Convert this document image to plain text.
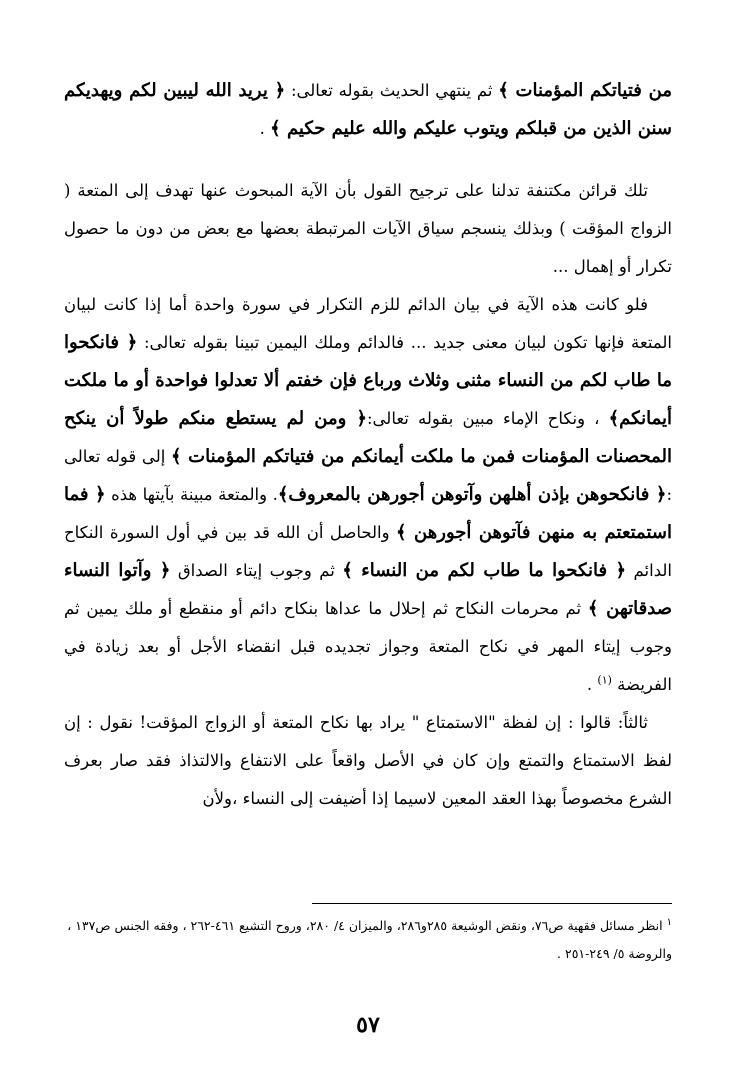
من فتياتكم المؤمنات ﴾ ثم ينتهي الحديث بقوله تعالى: ﴿ يريد الله ليبين لكم ويهديكم سنن الذين من قبلكم ويتوب عليكم والله عليم حكيم ﴾ .

تلك قرائن مكتنفة تدلنا على ترجيح القول بأن الآية المبحوث عنها تهدف إلى المتعة ( الزواج المؤقت ) وبذلك ينسجم سياق الآيات المرتبطة بعضها مع بعض من دون ما حصول تكرار أو إهمال ...

فلو كانت هذه الآية في بيان الدائم للزم التكرار في سورة واحدة أما إذا كانت لبيان المتعة فإنها تكون لبيان معنى جديد ... فالدائم وملك اليمين تبينا بقوله تعالى: ﴿ فانكحوا ما طاب لكم من النساء مثنى وثلاث ورباع فإن خفتم ألا تعدلوا فواحدة أو ما ملكت أيمانكم﴾ ، ونكاح الإماء مبين بقوله تعالى:﴿ ومن لم يستطع منكم طولاً أن ينكح المحصنات المؤمنات فمن ما ملكت أيمانكم من فتياتكم المؤمنات ﴾ إلى قوله تعالى :﴿ فانكحوهن بإذن أهلهن وآتوهن أجورهن بالمعروف﴾. والمتعة مبينة بآيتها هذه ﴿ فما استمتعتم به منهن فآتوهن أجورهن ﴾ والحاصل أن الله قد بين في أول السورة النكاح الدائم ﴿ فانكحوا ما طاب لكم من النساء ﴾ ثم وجوب إيتاء الصداق ﴿ وآتوا النساء صدقاتهن ﴾ ثم محرمات النكاح ثم إحلال ما عداها بنكاح دائم أو منقطع أو ملك يمين ثم وجوب إيتاء المهر في نكاح المتعة وجواز تجديده قبل انقضاء الأجل أو بعد زيادة في الفريضة $^{(١)}$ .

ثالثاً: قالوا : إن لفظة "الاستمتاع " يراد بها نكاح المتعة أو الزواج المؤقت! نقول : إن لفظ الاستمتاع والتمتع وإن كان في الأصل واقعاً على الانتفاع والالتذاذ فقد صار بعرف الشرع مخصوصاً بهذا العقد المعين لاسيما إذا أضيفت إلى النساء ،ولأن

$^١$ انظر مسائل فقهية ص٧٦، ونقض الوشيعة ٢٨٥و٢٨٦، والميزان ٤/ ٢٨٠، وروح التشيع ٤٦١-٢٦٢ ، وفقه الجنس ص١٣٧ ، والروضة ٥/ ٢٤٩-٢٥١ .
٥٧
